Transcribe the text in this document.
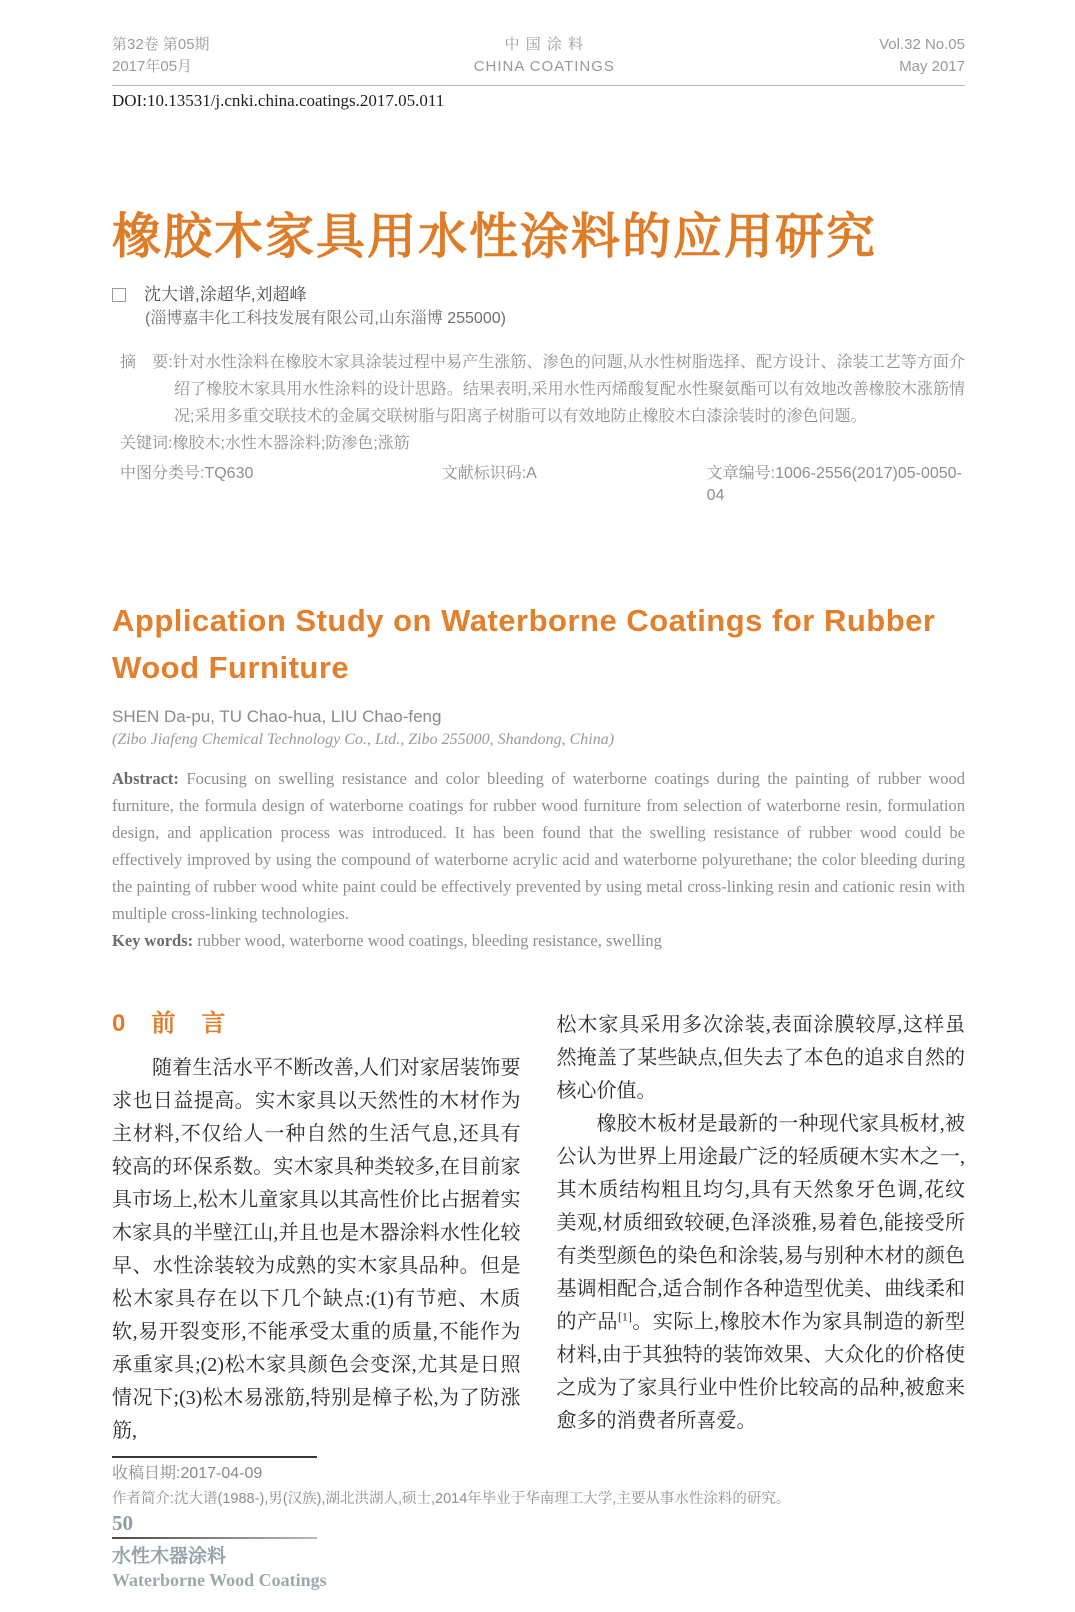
第32卷 第05期
2017年05月
中 国 涂 料
CHINA COATINGS
Vol.32 No.05
May 2017
DOI:10.13531/j.cnki.china.coatings.2017.05.011
橡胶木家具用水性涂料的应用研究
沈大谱,涂超华,刘超峰
(淄博嘉丰化工科技发展有限公司,山东淄博 255000)

摘　要:针对水性涂料在橡胶木家具涂装过程中易产生涨筋、渗色的问题,从水性树脂选择、配方设计、涂装工艺等方面介绍了橡胶木家具用水性涂料的设计思路。结果表明,采用水性丙烯酸复配水性聚氨酯可以有效地改善橡胶木涨筋情况;采用多重交联技术的金属交联树脂与阳离子树脂可以有效地防止橡胶木白漆涂装时的渗色问题。

关键词:橡胶木;水性木器涂料;防渗色;涨筋

中图分类号:TQ630	文献标识码:A	文章编号:1006-2556(2017)05-0050-04
Application Study on Waterborne Coatings for Rubber Wood Furniture
SHEN Da-pu, TU Chao-hua, LIU Chao-feng
(Zibo Jiafeng Chemical Technology Co., Ltd., Zibo 255000, Shandong, China)

Abstract: Focusing on swelling resistance and color bleeding of waterborne coatings during the painting of rubber wood furniture, the formula design of waterborne coatings for rubber wood furniture from selection of waterborne resin, formulation design, and application process was introduced. It has been found that the swelling resistance of rubber wood could be effectively improved by using the compound of waterborne acrylic acid and waterborne polyurethane; the color bleeding during the painting of rubber wood white paint could be effectively prevented by using metal cross-linking resin and cationic resin with multiple cross-linking technologies.

Key words: rubber wood, waterborne wood coatings, bleeding resistance, swelling

0 前言

随着生活水平不断改善,人们对家居装饰要求也日益提高。实木家具以天然性的木材作为主材料,不仅给人一种自然的生活气息,还具有较高的环保系数。实木家具种类较多,在目前家具市场上,松木儿童家具以其高性价比占据着实木家具的半壁江山,并且也是木器涂料水性化较早、水性涂装较为成熟的实木家具品种。但是松木家具存在以下几个缺点:(1)有节疤、木质软,易开裂变形,不能承受太重的质量,不能作为承重家具;(2)松木家具颜色会变深,尤其是日照情况下;(3)松木易涨筋,特别是樟子松,为了防涨筋,

松木家具采用多次涂装,表面涂膜较厚,这样虽然掩盖了某些缺点,但失去了本色的追求自然的核心价值。

橡胶木板材是最新的一种现代家具板材,被公认为世界上用途最广泛的轻质硬木实木之一,其木质结构粗且均匀,具有天然象牙色调,花纹美观,材质细致较硬,色泽淡雅,易着色,能接受所有类型颜色的染色和涂装,易与别种木材的颜色基调相配合,适合制作各种造型优美、曲线柔和的产品[1]。实际上,橡胶木作为家具制造的新型材料,由于其独特的装饰效果、大众化的价格使之成为了家具行业中性价比较高的品种,被愈来愈多的消费者所喜爱。

收稿日期:2017-04-09
作者简介:沈大谱(1988-),男(汉族),湖北洪湖人,硕士,2014年毕业于华南理工大学,主要从事水性涂料的研究。
50
水性木器涂料
Waterborne Wood Coatings
